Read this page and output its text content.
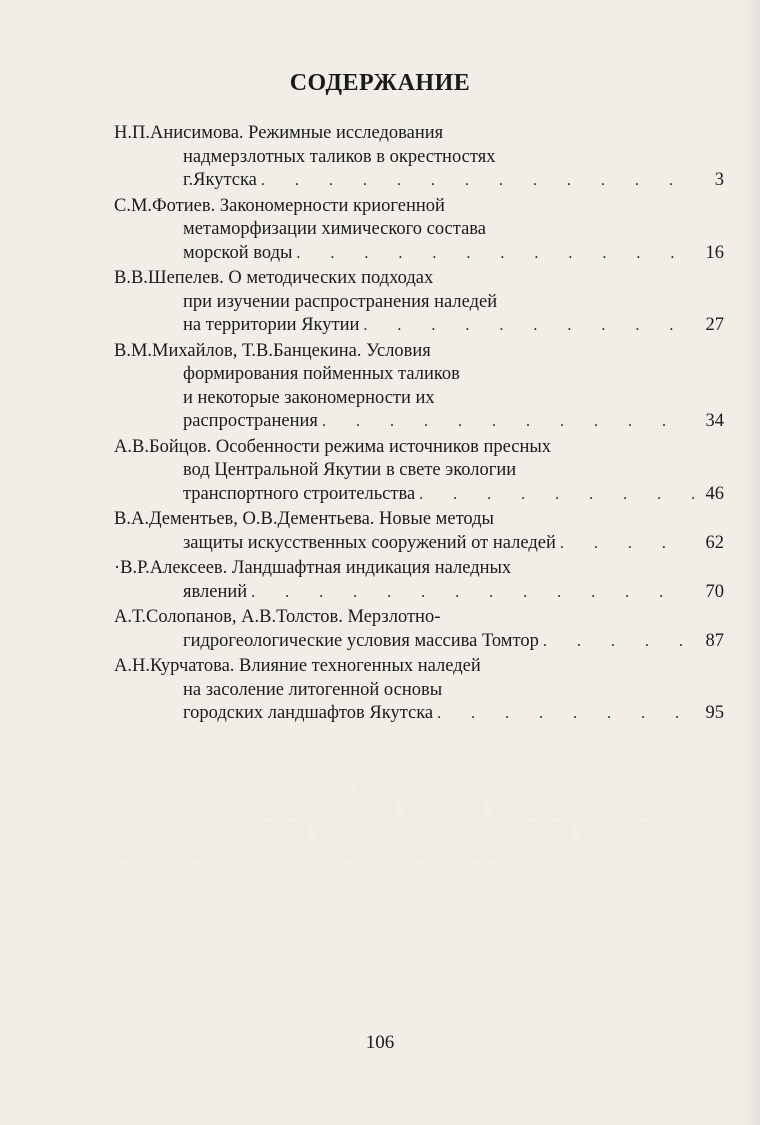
░░░░░░ ░░░░░░░░ ░░░░░░ ░░░░░░░░░░ ░░░░░░░░ ░░░░░░░░░░░ ░░░░░░░░░░ ░ ░░░░░░░░░░░░░░░ ░░░░░░░ ░░ ░░░░░░░░░ ░░░░░░░ ░░░░░░░░░ ░░░░░░░░░░ ░░░░░░ ░░░░░░░░░ ░░░░░░ ░░░░░░░░░░ ░ ░░░░░░░░ ░░░░░░░░ ░░░░░░░░░░ ░░░░░░░░ ░
СОДЕРЖАНИЕ
Н.П.Анисимова. Режимные исследования
надмерзлотных таликов в окрестностях
г.Якутска . . .	3
С.М.Фотиев. Закономерности криогенной
метаморфизации химического состава
морской воды . . .	16
В.В.Шепелев. О методических подходах
при изучении распространения наледей
на территории Якутии . . .	27
В.М.Михайлов, Т.В.Банцекина. Условия
формирования пойменных таликов
и некоторые закономерности их
распространения . . .	34
А.В.Бойцов. Особенности режима источников пресных
вод Центральной Якутии в свете экологии
транспортного строительства . . .	46
В.А.Дементьев, О.В.Дементьева. Новые методы
защиты искусственных сооружений от наледей . . .	62
·В.Р.Алексеев. Ландшафтная индикация наледных
явлений . . .	70
А.Т.Солопанов, А.В.Толстов. Мерзлотно-
гидрогеологические условия массива Томтор . . .	87
А.Н.Курчатова. Влияние техногенных наледей
на засоление литогенной основы
городских ландшафтов Якутска . . .	95
106
